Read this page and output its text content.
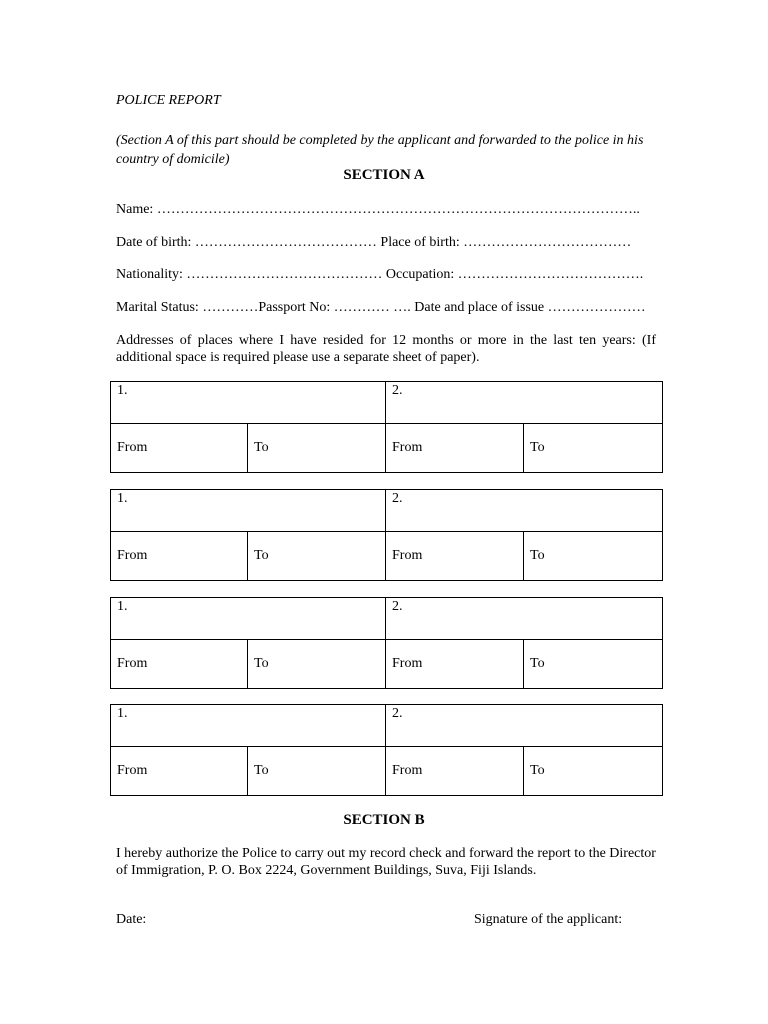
POLICE REPORT
(Section A of this part should be completed by the applicant and forwarded to the police in his country of domicile)
SECTION A
Name: …………………………………………………………………………………………..
Date of birth: ………………………………… Place of birth: ………………………………
Nationality: …………………………………… Occupation: ………………………………….
Marital Status: …………Passport No: ………… …. Date and place of issue …………………
Addresses of places where I have resided for 12 months or more in the last ten years: (If additional space is required please use a separate sheet of paper).
1.		2.	
From	To	From	To
1.		2.	
From	To	From	To
1.		2.	
From	To	From	To
1.		2.	
From	To	From	To
SECTION B
I hereby authorize the Police to carry out my record check and forward the report to the Director of Immigration, P. O. Box 2224, Government Buildings, Suva, Fiji Islands.
Date:	Signature of the applicant:
